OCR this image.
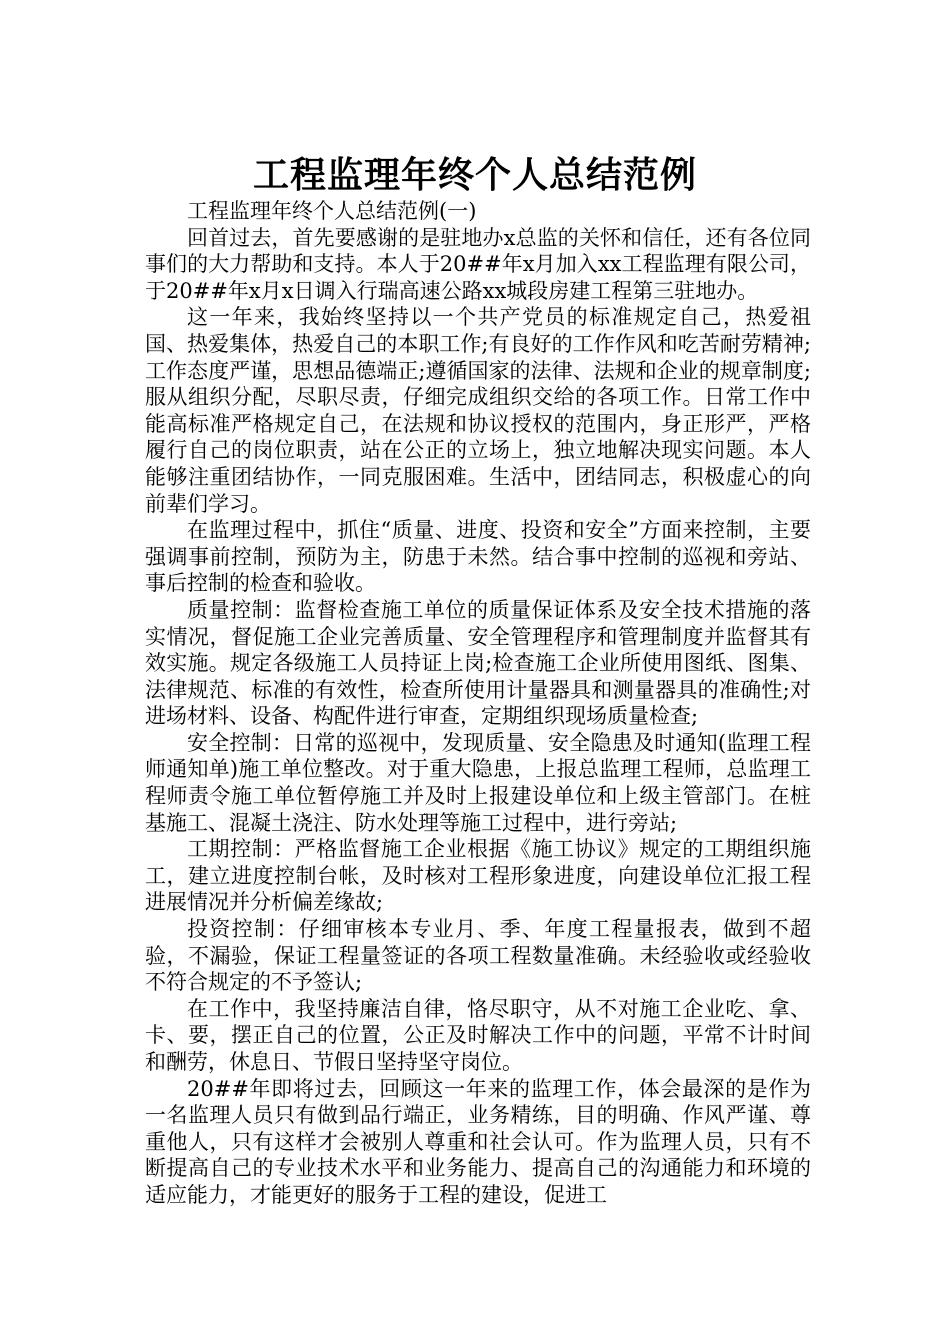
工程监理年终个人总结范例

工程监理年终个人总结范例(一)

回首过去，首先要感谢的是驻地办x总监的关怀和信任，还有各位同事们的大力帮助和支持。本人于20##年x月加入xx工程监理有限公司，于20##年x月x日调入行瑞高速公路xx城段房建工程第三驻地办。

这一年来，我始终坚持以一个共产党员的标准规定自己，热爱祖国、热爱集体，热爱自己的本职工作;有良好的工作作风和吃苦耐劳精神;工作态度严谨，思想品德端正;遵循国家的法律、法规和企业的规章制度;服从组织分配，尽职尽责，仔细完成组织交给的各项工作。日常工作中能高标准严格规定自己，在法规和协议授权的范围内，身正形严，严格履行自己的岗位职责，站在公正的立场上，独立地解决现实问题。本人能够注重团结协作，一同克服困难。生活中，团结同志，积极虚心的向前辈们学习。

在监理过程中，抓住“质量、进度、投资和安全”方面来控制，主要强调事前控制，预防为主，防患于未然。结合事中控制的巡视和旁站、事后控制的检查和验收。

质量控制：监督检查施工单位的质量保证体系及安全技术措施的落实情况，督促施工企业完善质量、安全管理程序和管理制度并监督其有效实施。规定各级施工人员持证上岗;检查施工企业所使用图纸、图集、法律规范、标准的有效性，检查所使用计量器具和测量器具的准确性;对进场材料、设备、构配件进行审查，定期组织现场质量检查;

安全控制：日常的巡视中，发现质量、安全隐患及时通知(监理工程师通知单)施工单位整改。对于重大隐患，上报总监理工程师，总监理工程师责令施工单位暂停施工并及时上报建设单位和上级主管部门。在桩基施工、混凝土浇注、防水处理等施工过程中，进行旁站;

工期控制：严格监督施工企业根据《施工协议》规定的工期组织施工，建立进度控制台帐，及时核对工程形象进度，向建设单位汇报工程进展情况并分析偏差缘故;

投资控制：仔细审核本专业月、季、年度工程量报表，做到不超验，不漏验，保证工程量签证的各项工程数量准确。未经验收或经验收不符合规定的不予签认;

在工作中，我坚持廉洁自律，恪尽职守，从不对施工企业吃、拿、卡、要，摆正自己的位置，公正及时解决工作中的问题，平常不计时间和酬劳，休息日、节假日坚持坚守岗位。

20##年即将过去，回顾这一年来的监理工作，体会最深的是作为一名监理人员只有做到品行端正，业务精练，目的明确、作风严谨、尊重他人，只有这样才会被别人尊重和社会认可。作为监理人员，只有不断提高自己的专业技术水平和业务能力、提高自己的沟通能力和环境的适应能力，才能更好的服务于工程的建设，促进工
